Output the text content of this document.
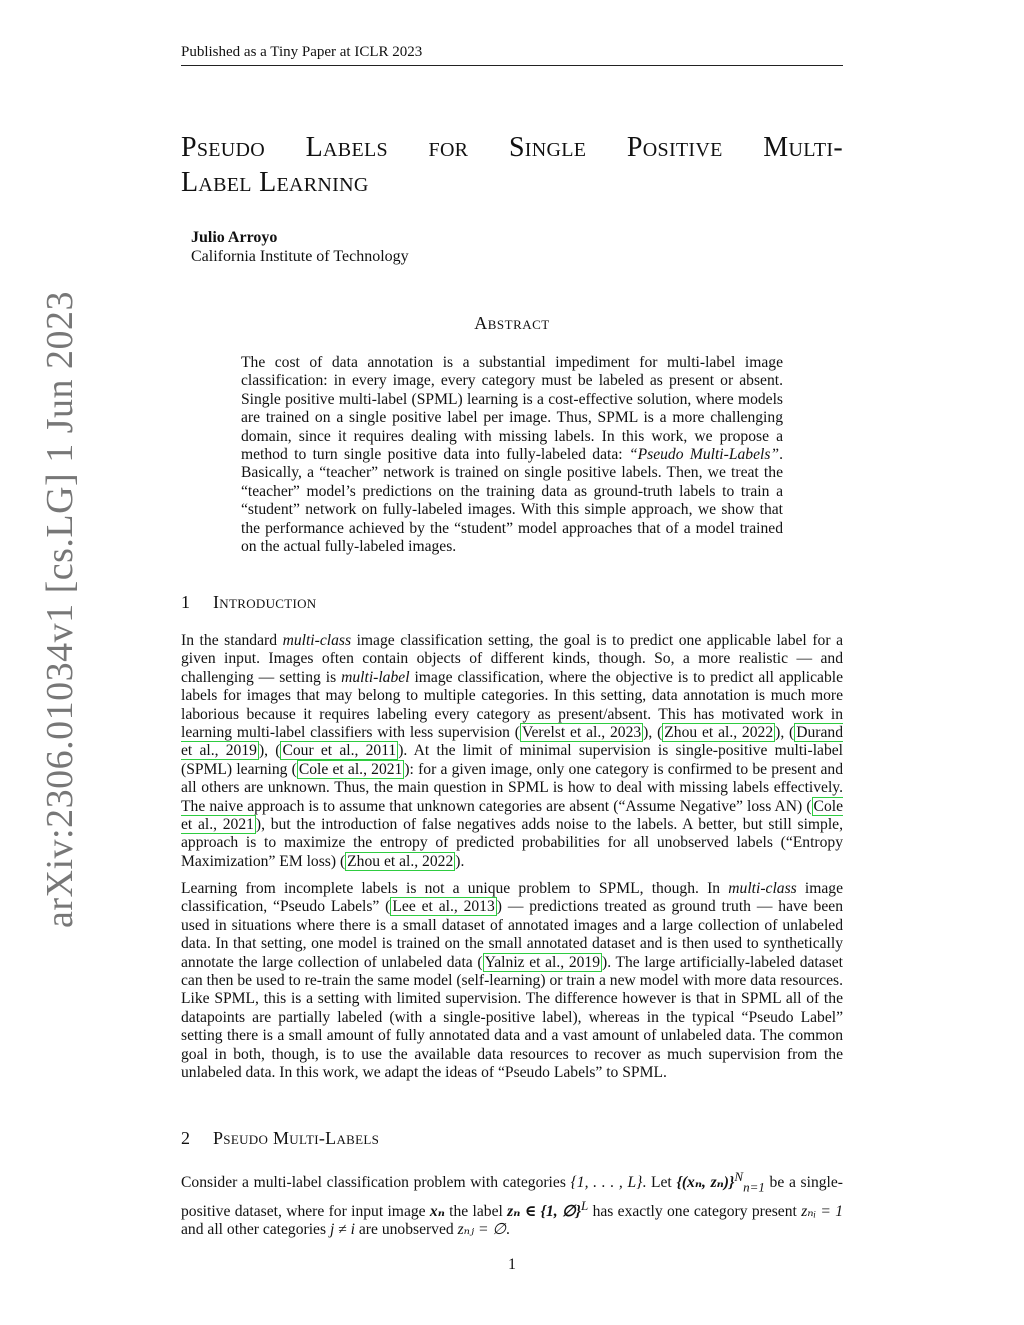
arXiv:2306.01034v1 [cs.LG] 1 Jun 2023
Published as a Tiny Paper at ICLR 2023
Pseudo Labels for Single Positive Multi-
Label Learning
Julio Arroyo
California Institute of Technology
Abstract
The cost of data annotation is a substantial impediment for multi-label image classification: in every image, every category must be labeled as present or absent. Single positive multi-label (SPML) learning is a cost-effective solution, where models are trained on a single positive label per image. Thus, SPML is a more challenging domain, since it requires dealing with missing labels. In this work, we propose a method to turn single positive data into fully-labeled data: “Pseudo Multi-Labels”. Basically, a “teacher” network is trained on single positive labels. Then, we treat the “teacher” model’s predictions on the training data as ground-truth labels to train a “student” network on fully-labeled images. With this simple approach, we show that the performance achieved by the “student” model approaches that of a model trained on the actual fully-labeled images.
1 Introduction
In the standard multi-class image classification setting, the goal is to predict one applicable label for a given input. Images often contain objects of different kinds, though. So, a more realistic — and challenging — setting is multi-label image classification, where the objective is to predict all applicable labels for images that may belong to multiple categories. In this setting, data annotation is much more laborious because it requires labeling every category as present/absent. This has motivated work in learning multi-label classifiers with less supervision ( Verelst et al., 2023 ), ( Zhou et al., 2022 ), ( Durand et al., 2019 ), ( Cour et al., 2011 ). At the limit of minimal supervision is single-positive multi-label (SPML) learning ( Cole et al., 2021 ): for a given image, only one category is confirmed to be present and all others are unknown. Thus, the main question in SPML is how to deal with missing labels effectively. The naive approach is to assume that unknown categories are absent (“Assume Negative” loss AN) ( Cole et al., 2021 ), but the introduction of false negatives adds noise to the labels. A better, but still simple, approach is to maximize the entropy of predicted probabilities for all unobserved labels (“Entropy Maximization” EM loss) ( Zhou et al., 2022 ).
Learning from incomplete labels is not a unique problem to SPML, though. In multi-class image classification, “Pseudo Labels” ( Lee et al., 2013 ) — predictions treated as ground truth — have been used in situations where there is a small dataset of annotated images and a large collection of unlabeled data. In that setting, one model is trained on the small annotated dataset and is then used to synthetically annotate the large collection of unlabeled data ( Yalniz et al., 2019 ). The large artificially-labeled dataset can then be used to re-train the same model (self-learning) or train a new model with more data resources. Like SPML, this is a setting with limited supervision. The difference however is that in SPML all of the datapoints are partially labeled (with a single-positive label), whereas in the typical “Pseudo Label” setting there is a small amount of fully annotated data and a vast amount of unlabeled data. The common goal in both, though, is to use the available data resources to recover as much supervision from the unlabeled data. In this work, we adapt the ideas of “Pseudo Labels” to SPML.
2 Pseudo Multi-Labels
Consider a multi-label classification problem with categories {1, . . . , L}. Let {(xₙ, zₙ)}$^N_{n=1}$ be a single-positive dataset, where for input image xₙ the label zₙ ∈ {1, ∅}$^L$ has exactly one category present zₙᵢ = 1 and all other categories j ≠ i are unobserved zₙⱼ = ∅.
1
